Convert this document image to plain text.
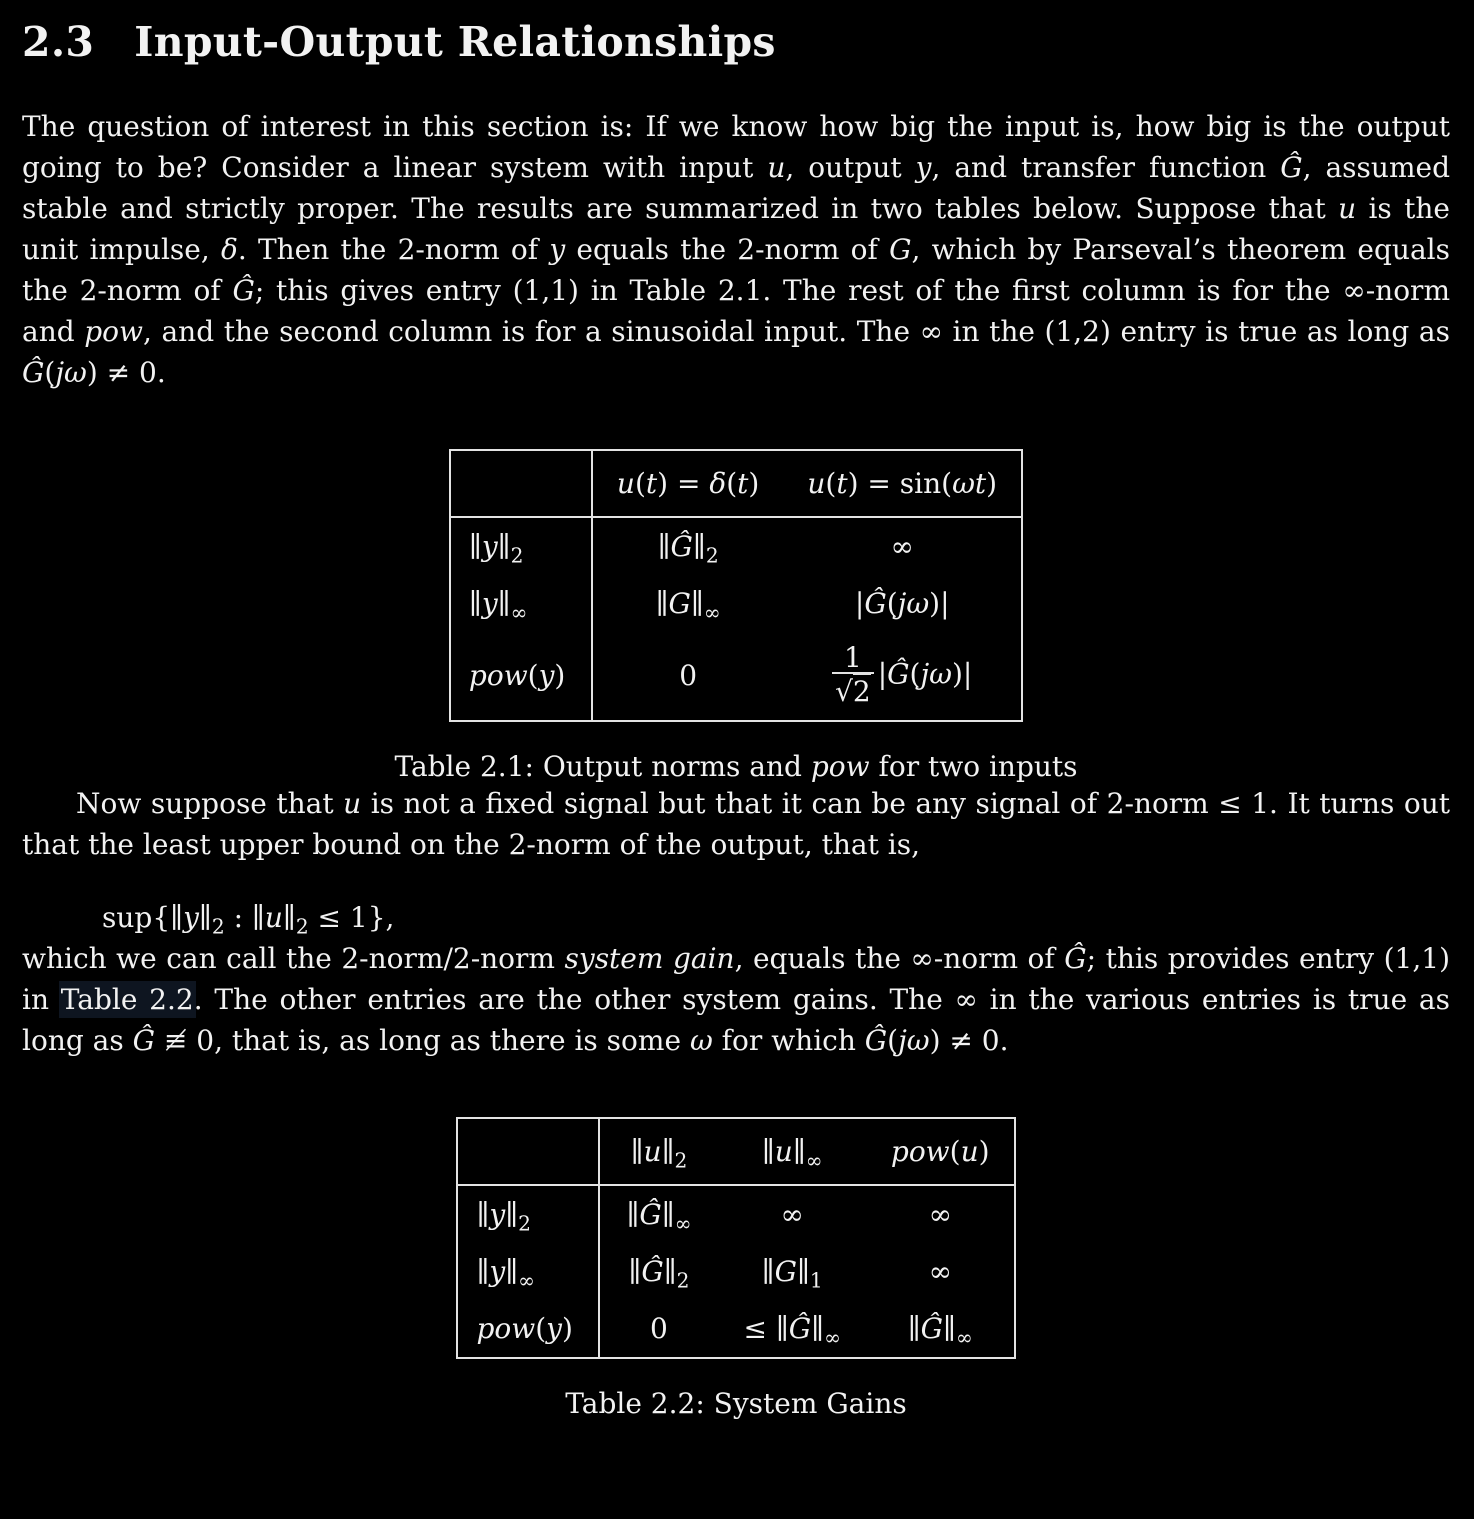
2.3 Input-Output Relationships

The question of interest in this section is: If we know how big the input is, how big is the output going to be? Consider a linear system with input u, output y, and transfer function Ĝ, assumed stable and strictly proper. The results are summarized in two tables below. Suppose that u is the unit impulse, δ. Then the 2-norm of y equals the 2-norm of G, which by Parseval’s theorem equals the 2-norm of Ĝ; this gives entry (1,1) in Table 2.1. The rest of the first column is for the ∞-norm and pow, and the second column is for a sinusoidal input. The ∞ in the (1,2) entry is true as long as Ĝ(jω) ≠ 0.

	u(t) = δ(t)	u(t) = sin(ωt)
$\parallel y\parallel_2$	$\parallel Ĝ\parallel_2$	∞
$\parallel y\parallel_\infty$	$\parallel G\parallel_\infty$	|Ĝ(jω)|
pow(y)	0	$\frac{1}{√2}$ |Ĝ(jω)|
Table 2.1: Output norms and pow for two inputs

Now suppose that u is not a fixed signal but that it can be any signal of 2-norm ≤ 1. It turns out that the least upper bound on the 2-norm of the output, that is,

$sup\{\parallel y\parallel_2$ : $\parallel u\parallel_2 \le 1$},

which we can call the 2-norm/2-norm system gain, equals the ∞-norm of Ĝ; this provides entry (1,1) in Table 2.2. The other entries are the other system gains. The ∞ in the various entries is true as long as Ĝ ≢ 0, that is, as long as there is some ω for which Ĝ(jω) ≠ 0.

	$\parallel u\parallel_2$	$\parallel u\parallel_\infty$	pow(u)
$\parallel y\parallel_2$	$\parallel Ĝ\parallel_\infty$	∞	∞
$\parallel y\parallel_\infty$	$\parallel Ĝ\parallel_2$	$\parallel G\parallel_1$	∞
pow(y)	0	≤ $\parallel Ĝ\parallel_\infty$	$\parallel Ĝ\parallel_\infty$
Table 2.2: System Gains
